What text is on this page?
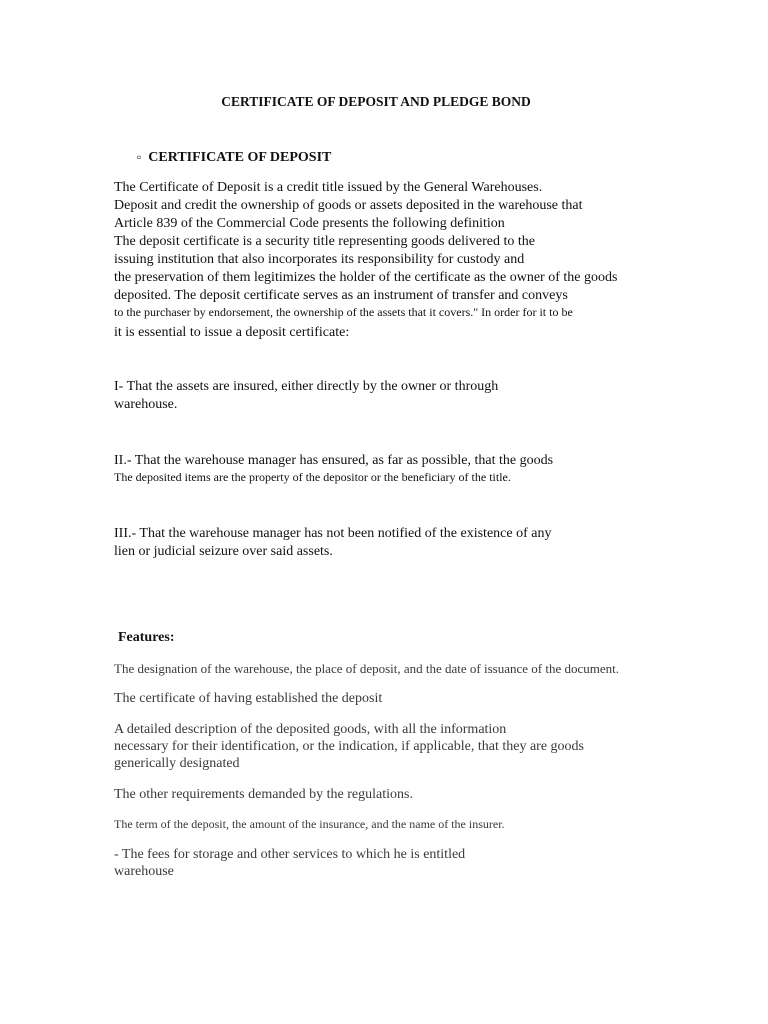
CERTIFICATE OF DEPOSIT AND PLEDGE BOND

▫ CERTIFICATE OF DEPOSIT

The Certificate of Deposit is a credit title issued by the General Warehouses.

Deposit and credit the ownership of goods or assets deposited in the warehouse that

Article 839 of the Commercial Code presents the following definition

The deposit certificate is a security title representing goods delivered to the

issuing institution that also incorporates its responsibility for custody and

the preservation of them legitimizes the holder of the certificate as the owner of the goods

deposited. The deposit certificate serves as an instrument of transfer and conveys

to the purchaser by endorsement, the ownership of the assets that it covers." In order for it to be

it is essential to issue a deposit certificate:

I- That the assets are insured, either directly by the owner or through

warehouse.

II.- That the warehouse manager has ensured, as far as possible, that the goods

The deposited items are the property of the depositor or the beneficiary of the title.

III.- That the warehouse manager has not been notified of the existence of any

lien or judicial seizure over said assets.

Features:

The designation of the warehouse, the place of deposit, and the date of issuance of the document.

The certificate of having established the deposit

A detailed description of the deposited goods, with all the information

necessary for their identification, or the indication, if applicable, that they are goods

generically designated

The other requirements demanded by the regulations.

The term of the deposit, the amount of the insurance, and the name of the insurer.

- The fees for storage and other services to which he is entitled

warehouse
